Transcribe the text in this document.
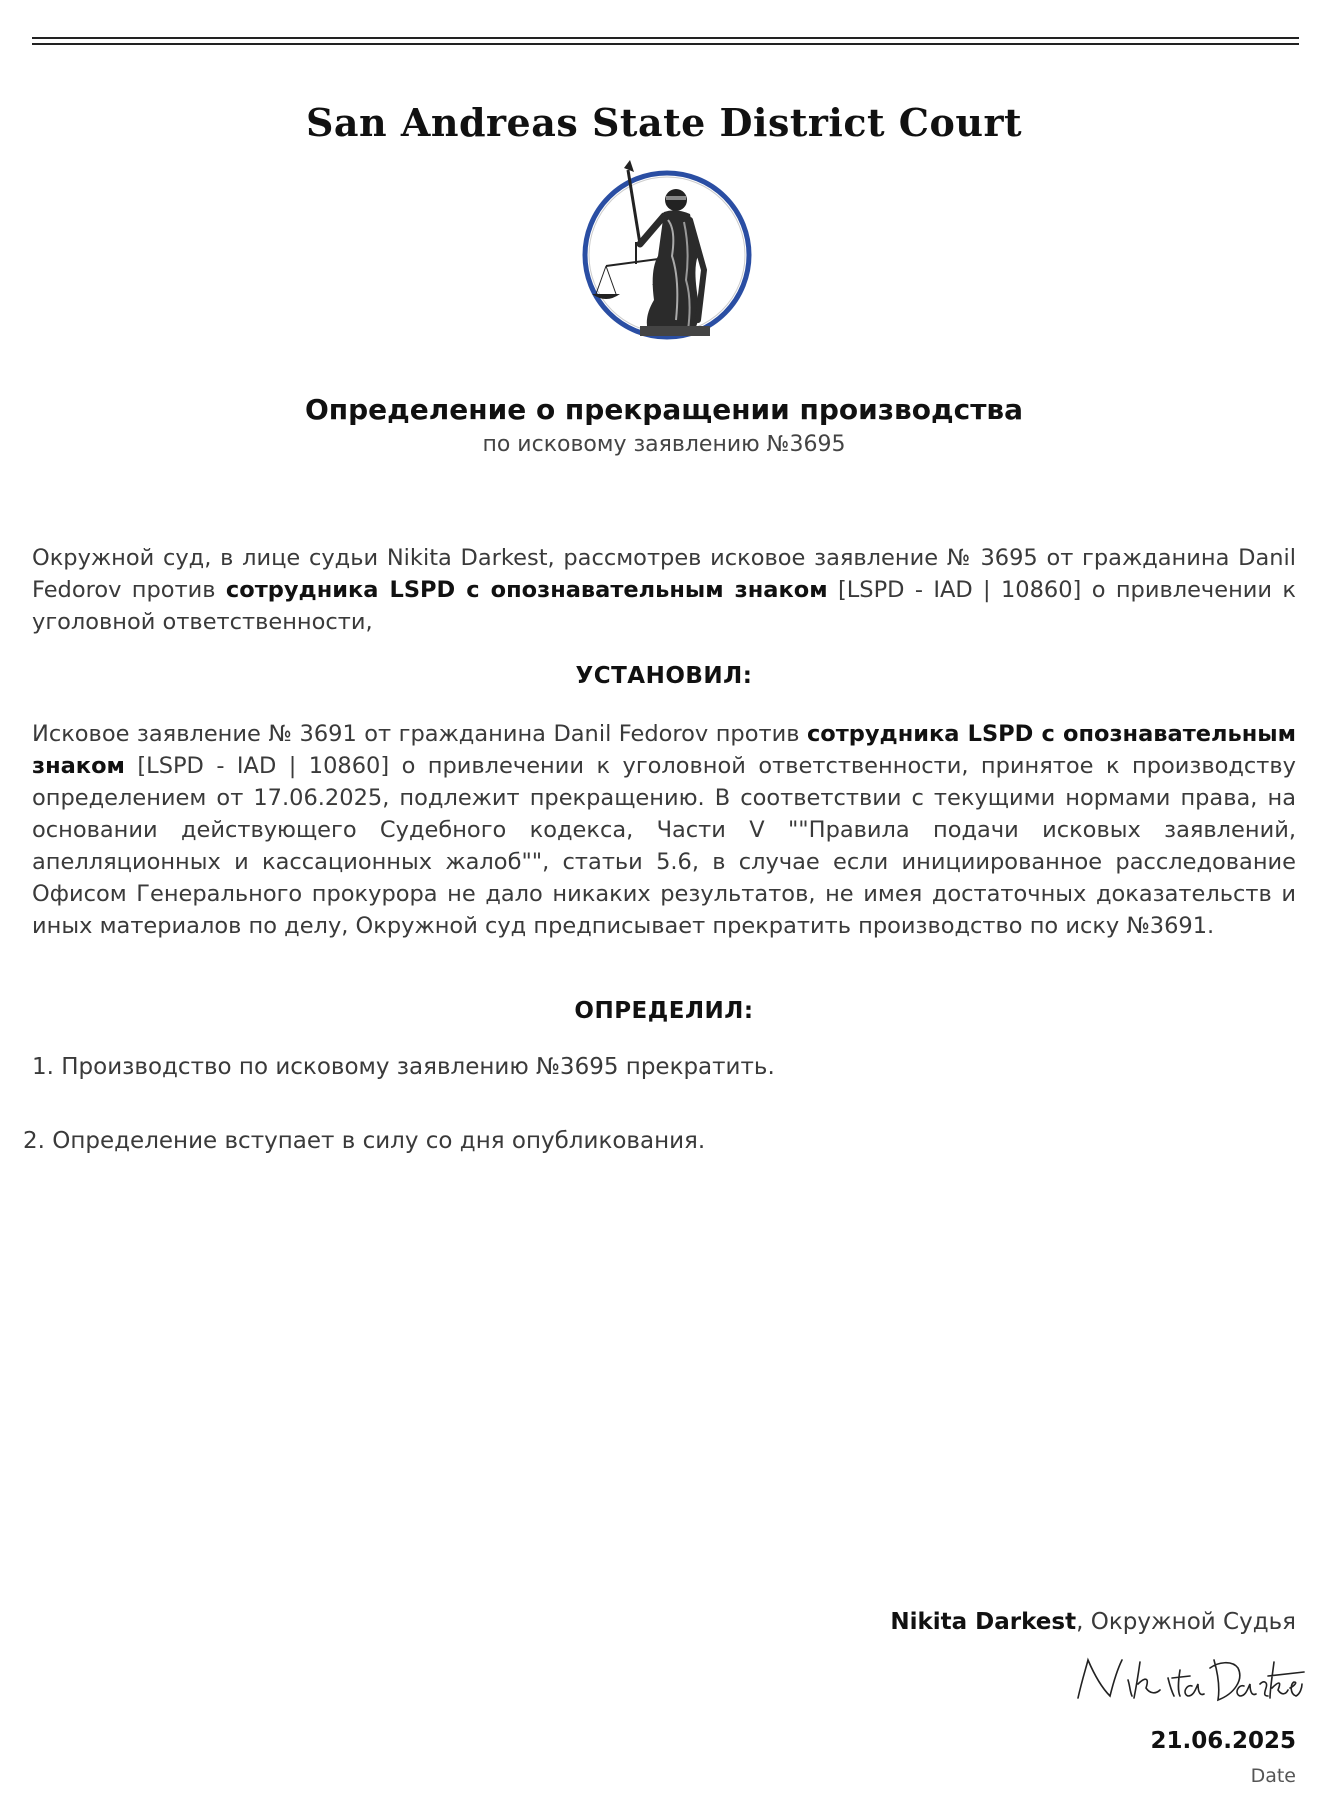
San Andreas State District Court
Определение о прекращении производства
по исковому заявлению №3695

Окружной суд, в лице судьи Nikita Darkest, рассмотрев исковое заявление № 3695 от гражданина Danil Fedorov против сотрудника LSPD с опознавательным знаком [LSPD - IAD | 10860] о привлечении к уголовной ответственности,

УСТАНОВИЛ:

Исковое заявление № 3691 от гражданина Danil Fedorov против сотрудника LSPD с опознавательным знаком [LSPD - IAD | 10860] о привлечении к уголовной ответственности, принятое к производству определением от 17.06.2025, подлежит прекращению. В соответствии с текущими нормами права, на основании действующего Судебного кодекса, Части V ""Правила подачи исковых заявлений, апелляционных и кассационных жалоб"", статьи 5.6, в случае если инициированное расследование Офисом Генерального прокурора не дало никаких результатов, не имея достаточных доказательств и иных материалов по делу, Окружной суд предписывает прекратить производство по иску №3691.

ОПРЕДЕЛИЛ:
1. Производство по исковому заявлению №3695 прекратить.
2. Определение вступает в силу со дня опубликования.
Nikita Darkest, Окружной Судья
21.06.2025
Date
